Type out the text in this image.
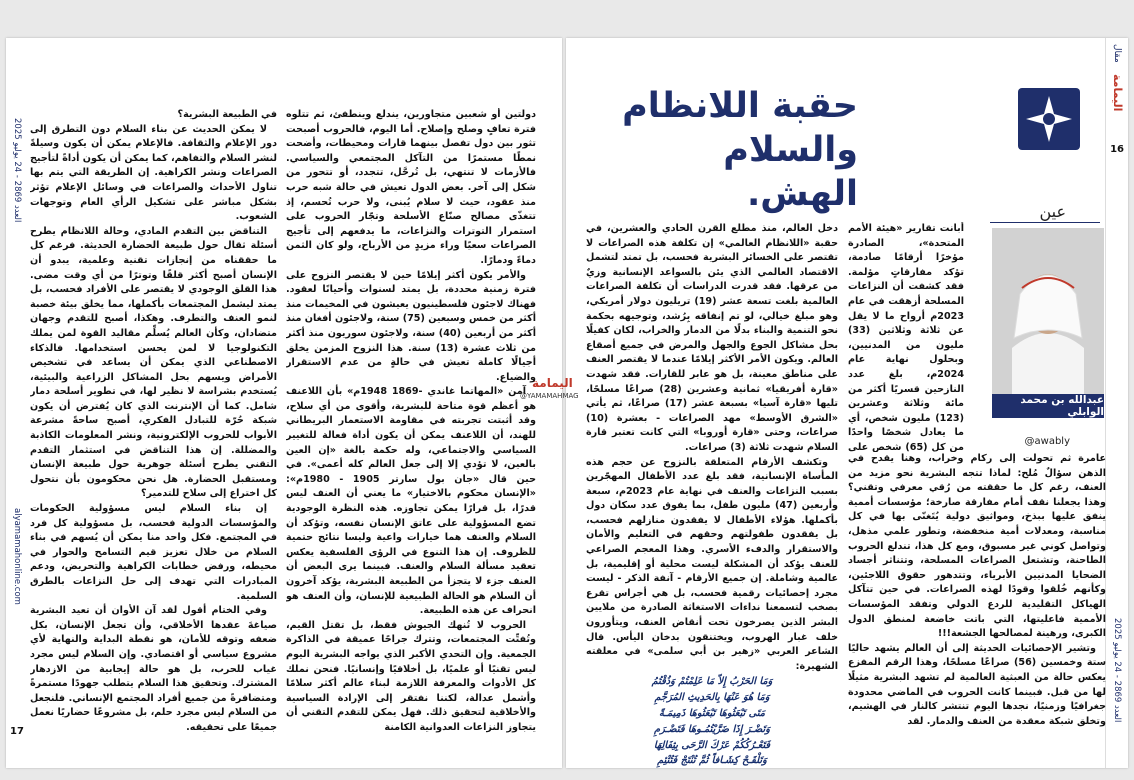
alyamamahonline.com
العدد 2869 - 24 يوليو 2025
17

في الطبيعة البشرية؟

لا يمكن الحديث عن بناء السلام دون التطرق إلى دور الإعلام والثقافة. فالإعلام يمكن أن يكون وسيلةً لنشر السلام والتفاهم، كما يمكن أن يكون أداةً لتأجيج الصراعات ونشر الكراهية. إن الطريقة التي يتم بها تناول الأحداث والصراعات في وسائل الإعلام تؤثر بشكل مباشر على تشكيل الرأي العام وتوجهات الشعوب.

التناقض بين التقدم المادي، وحالة اللانظام يطرح أسئلة ثقال حول طبيعة الحضارة الحديثة. فرغم كل ما حققناه من إنجازات تقنية وعلمية، يبدو أن الإنسان أصبح أكثر قلقًا وتوترًا من أي وقت مضى. هذا القلق الوجودي لا يقتصر على الأفراد فحسب، بل يمتد ليشمل المجتمعات بأكملها، مما يخلق بيئة خصبة لنمو العنف والتطرف. وهكذا، أصبح للتقدم وجهان متضادان، وكأن العالم يُسلِّم مقاليد القوة لمن يملك التكنولوجيا لا لمن يحسن استخدامها. فالذكاء الاصطناعي الذي يمكن أن يساعد في تشخيص الأمراض ويسهم بحل المشاكل الزراعية والبيئية، يُستخدم بشراسة لا نظير لها، في تطوير أسلحة دمار شامل. كما أن الإنترنت الذي كان يُفترض أن يكون شبكة حُرّة للتبادل الفكري، أصبح ساحةً مشرعة الأبواب للحروب الإلكترونية، ونشر المعلومات الكاذبة والمضللة. إن هذا التناقض في استثمار التقدم التقني يطرح أسئلة جوهرية حول طبيعة الإنسان ومستقبل الحضارة. هل نحن محكومون بأن نتحول كل اختراع إلى سلاح للتدمير؟

إن بناء السلام ليس مسؤولية الحكومات والمؤسسات الدولية فحسب، بل مسؤولية كل فرد في المجتمع. فكل واحد منا يمكن أن يُسهم في بناء السلام من خلال تعزيز قيم التسامح والحوار في محيطه، ورفض خطابات الكراهية والتحريض، ودعم المبادرات التي تهدف إلى حل النزاعات بالطرق السلمية.

وفي الختام أقول لقد آن الأوان أن تعيد البشرية صياغةَ عقدها الأخلاقي، وأن تجعل الإنسان، بكل ضعفه وتوقه للأمان، هو نقطة البداية والنهاية لأي مشروع سياسي أو اقتصادي. وإن السلام ليس مجرد غياب للحرب، بل هو حالة إيجابية من الازدهار المشترك. وتحقيق هذا السلام يتطلب جهودًا مستمرةً ومتضافرةً من جميع أفراد المجتمع الإنساني. فلنجعل من السلام ليس مجرد حلم، بل مشروعًا حضاريًا نعمل جميعًا على تحقيقه.

دولتين أو شعبين متجاورين، يندلع وينطفئ، ثم تتلوه فترة تعافٍ وصلح وإصلاح. أما اليوم، فالحروب أصبحت تثور بين دول تفصل بينهما قارات ومحيطات، وأضحت نمطًا مستمرًا من التآكل المجتمعي والسياسي. فالأزمات لا تنتهي، بل تُرحَّل، تتجدد، أو تتحور من شكل إلى آخر. بعض الدول تعيش في حالة شبه حرب منذ عقود، حيث لا سلام يُبنى، ولا حرب تُحسم، إذ تتغذّى مصالح صنّاع الأسلحة وتجّار الحروب على استمرار التوترات والنزاعات، ما يدفعهم إلى تأجيج الصراعات سعيًا وراء مزيدٍ من الأرباح، ولو كان الثمن دماءً ودمارًا.

والأمر يكون أكثر إيلامًا حين لا يقتصر النزوح على فترة زمنية محددة، بل يمتد لسنوات وأحيانًا لعقود. فهناك لاجئون فلسطينيون يعيشون في المخيمات منذ أكثر من خمس وسبعين (75) سنة، ولاجئون أفغان منذ أكثر من أربعين (40) سنة، ولاجئون سوريون منذ أكثر من ثلاث عشرة (13) سنة. هذا النزوح المزمن يخلق أجيالًا كاملة تعيش في حالةٍ من عدم الاستقرار والضياع.

آمن «المهاتما غاندي -1869 1948م» بأن اللاعنف هو أعظم قوة متاحة للبشرية، وأقوى من أي سلاح، وقد أثبتت تجربته في مقاومة الاستعمار البريطاني للهند، أن اللاعنف يمكن أن يكون أداة فعالة للتغيير السياسي والاجتماعي، وله حكمة بالغة «إن العين بالعين، لا تؤدي إلا إلى جعل العالم كله أعمى». في حين قال «جان بول سارتر 1905 - 1980م»: «الإنسان محكوم بالاختيار» ما يعني أن العنف ليس قدرًا، بل قرارًا يمكن تجاوزه. هذه النظرة الوجودية تضع المسؤولية على عاتق الإنسان نفسه، وتؤكد أن السلام والعنف هما خيارات واعية وليسا نتائج حتمية للظروف. إن هذا التنوع في الرؤى الفلسفية يعكس تعقيد مسألة السلام والعنف. فبينما يرى البعض أن العنف جزء لا يتجزأ من الطبيعة البشرية، يؤكد آخرون أن السلام هو الحالة الطبيعية للإنسان، وأن العنف هو انحراف عن هذه الطبيعة.

الحروب لا تُنهك الجيوش فقط، بل تقتل القيم، وتُفتِّت المجتمعات، وتترك جراحًا عميقة في الذاكرة الجمعية. وإن التحدي الأكبر الذي يواجه البشرية اليوم ليس تقنيًا أو علميًا، بل أخلاقيًا وإنسانيًا. فنحن نملك كل الأدوات والمعرفة اللازمة لبناء عالم أكثر سلامًا وأشمل عدالة، لكننا نفتقر إلى الإرادة السياسية والأخلاقية لتحقيق ذلك. فهل يمكن للتقدم التقني أن يتجاوز النزاعات العدوانية الكامنة

مقال
اليمامة
16
العدد 2869 - 24 يوليو 2025
حقبة اللانظام
والسلام الهش.	عين
عبدالله بن محمد الوابلي
@awably

أبانت تقارير «هيئة الأمم المتحدة»، الصادرة مؤخرًا أرقامًا صادمة، تؤكد مفارقاتٍ مؤلمة. فقد كشفت أن النزاعات المسلحة أزهقت في عام 2023م أرواح ما لا يقل عن ثلاثة وثلاثين (33) مليون من المدنيين، وبحلول نهاية عام 2024م، بلغ عدد النازحين قسريًا أكثر من مائة وثلاثة وعشرين (123) مليون شخص، أي ما يعادل شخصًا واحدًا من كل (65) شخص على

عامرة ثم تحولت إلى ركام وخراب، وهنا يقدح في الذهن سؤالٌ مُلح: لماذا تتجه البشرية نحو مزيد من العنف، رغم كل ما حققته من رُقي معرفي وتقني؟ وهذا يجعلنا نقف أمام مفارقة صارخة؛ مؤسسات أممية ينفق عليها ببذخ، ومواثيق دولية يُتَغنّى بها في كل مناسبة، ومعدلات أمية منخفضة، وتطور علمي مذهل، وتواصل كوني غير مسبوق، ومع كل هذا، تندلع الحروب الطاحنة، وتشتعل الصراعات المسلحة، وتتناثر أجساد الضحايا المدنيين الأبرياء، وتتدهور حقوق اللاجئين، وكأنهم خُلقوا وقودًا لهذه الصراعات. في حين تتآكل الهياكل التقليدية للردع الدولي وتفقد المؤسسات الأممية فاعليتها، التي باتت خاضعة لمنطق الدول الكبرى، ورهينة لمصالحها الجشعة!!!

وتشير الإحصائيات الحديثة إلى أن العالم يشهد حاليًا ستة وخمسين (56) صراعًا مسلحًا، وهذا الرقم المفزع يعكس حالة من العبثية العالمية لم تشهد البشرية مثيلًا لها من قبل. فبينما كانت الحروب في الماضي محدودة جغرافيًا وزمنيًا، نجدها اليوم تنتشر كالنار في الهشيم، وتخلق شبكة معقدة من العنف والدمار. لقد

دخل العالم، منذ مطلع القرن الحادي والعشرين، في حقبة «اللانظام العالمي» إن تكلفة هذه الصراعات لا تقتصر على الخسائر البشرية فحسب، بل تمتد لتشمل الاقتصاد العالمي الذي يئن بالسواعد الإنسانية وزيٌ من عرقها. فقد قدرت الدراسات أن تكلفة الصراعات العالمية بلغت تسعة عشر (19) تريليون دولار أمريكي، وهو مبلغ خيالي، لو تم إنفاقه بِرُشد، وتوجيهه بحكمة نحو التنمية والبناء بدلًا من الدمار والخراب، لكان كفيلًا بحل مشاكل الجوع والجهل والمرض في جميع أصقاع العالم. ويكون الأمر الأكثر إيلامًا عندما لا يقتصر العنف على مناطق معينة، بل هو عابر للقارات. فقد شهدت «قارة أفريقيا» ثمانية وعشرين (28) صراعًا مسلحًا، تليها «قارة آسيا» بسبعة عشر (17) صراعًا، ثم يأتي «الشرق الأوسط» مهد الصراعات - بعشرة (10) صراعات، وحتى «قارة أوروبا» التي كانت تعتبر قارة السلام شهدت ثلاثة (3) صراعات.

وتكشف الأرقام المتعلقة بالنزوح عن حجم هذه المأساة الإنسانية، فقد بلغ عدد الأطفال المهجّرين بسبب النزاعات والعنف في نهاية عام 2023م، سبعة وأربعين (47) مليون طفل، بما يفوق عدد سكان دول بأكملها. هؤلاء الأطفال لا يفقدون منازلهم فحسب، بل يفقدون طفولتهم وحقهم في التعليم والأمان والاستقرار والدفء الأسري. وهذا المعجم الصراعي للعنف يؤكد أن المشكلة ليست محلية أو إقليمية، بل عالمية وشاملة. إن جميع الأرقام - آنفة الذكر - ليست مجرد إحصائيات رقمية فحسب، بل هي أجراس تقرع بصخب لتسمعنا نداءات الاستغاثة الصادرة من ملايين البشر الذين يصرخون تحت أنقاض العنف، ويتأورون خلف غبار الهروب، ويختنقون بدخان اليأس. قال الشاعر العربي «زهير بن أبي سلمى» في معلقته الشهيرة:

وَمَا الحَرْبُ إِلاّ مَا عَلِمْتُمْ وَذُقْتُمُ

وَمَا هُوَ عَنْهَا بِالحَدِيثِ المُرَجَّمِ

مَتَى تَبْعَثُوهَا تَبْعَثُوهَا ذَمِيمَـةً

وَتَضْـرَ إِذَا ضَرَّيْتُمُـوهَا فَتَضْـرَمِ

فَتَعْـرُكُكُمْ عَرْكَ الرَّحَى بِثِفَالِهَا

وَتَلْقَـحْ كِشَـافاً ثُمَّ تُنْتَجْ فَتُتْئِمِ

اليمامة
@YAMAMAHMAG
